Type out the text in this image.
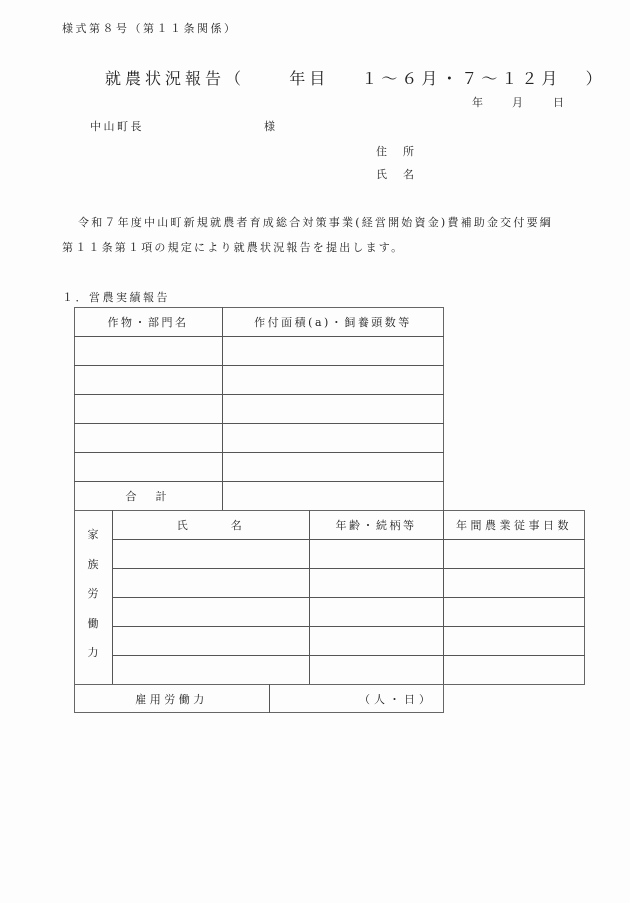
様式第８号（第１１条関係）
就農状況報告（	年目 １～６月・７～１２月 ）
年 月	日
中山町長	様
住　所
氏　名
令和７年度中山町新規就農者育成総合対策事業(経営開始資金)費補助金交付要綱
第１１条第１項の規定により就農状況報告を提出します。
１．営農実績報告
作物・部門名	作付面積(a)・飼養頭数等
合　計
家
族
労
働
力
氏　　　名	年齢・続柄等	年間農業従事日数
雇用労働力	（人・日）
